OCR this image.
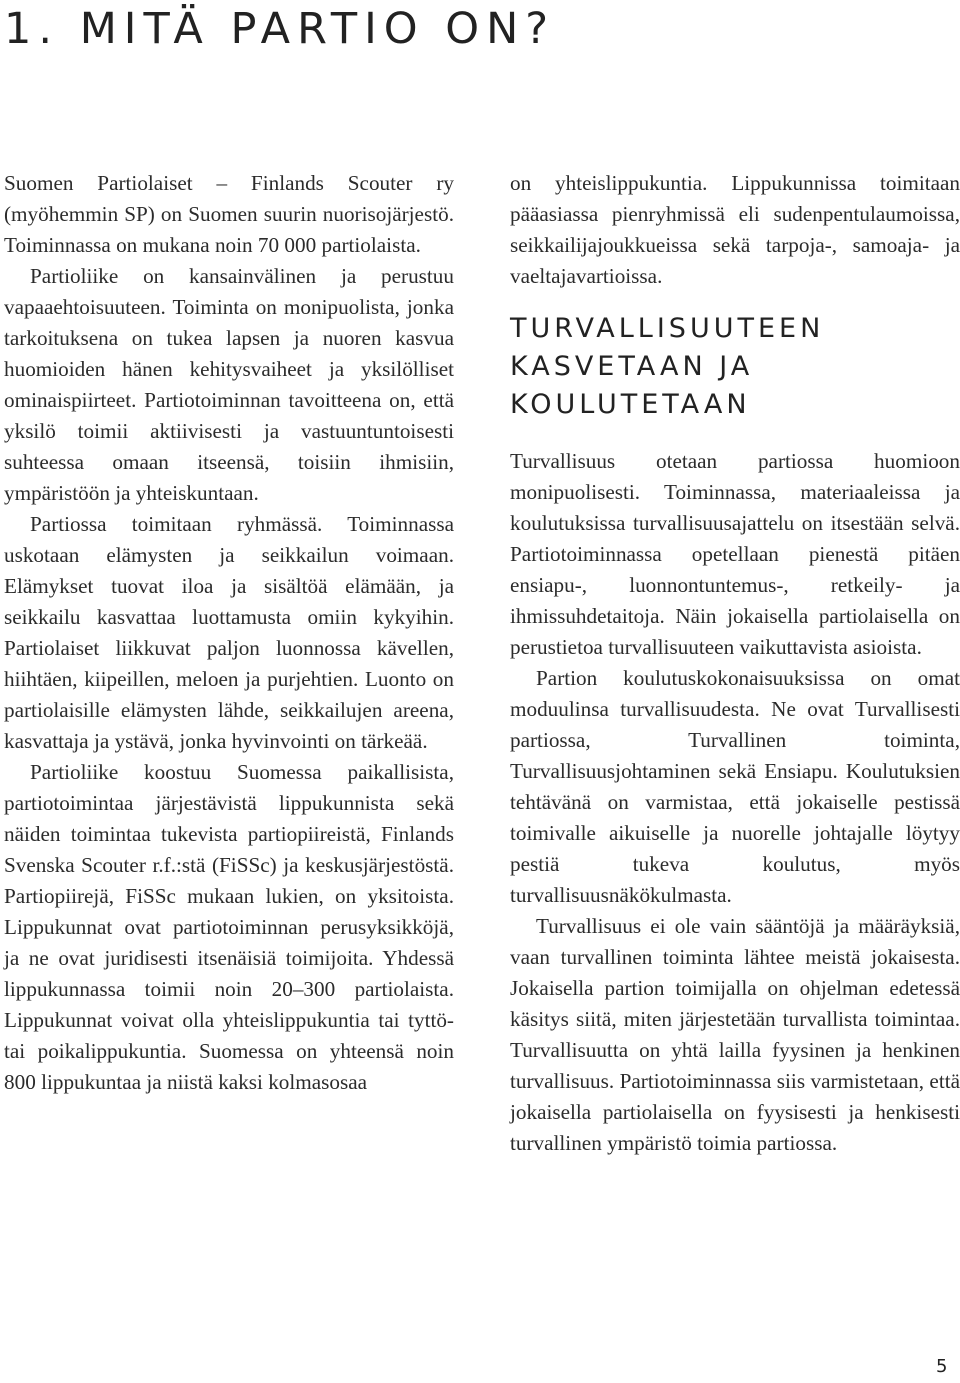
1. MITÄ PARTIO ON?

Suomen Partiolaiset – Finlands Scouter ry (myöhemmin SP) on Suomen suurin nuorisojärjestö. Toiminnassa on mukana noin 70 000 partiolaista.

Partioliike on kansainvälinen ja perustuu vapaaehtoisuuteen. Toiminta on monipuolista, jonka tarkoituksena on tukea lapsen ja nuoren kasvua huomioiden hänen kehitysvaiheet ja yksilölliset ominaispiirteet. Partiotoiminnan tavoitteena on, että yksilö toimii aktiivisesti ja vastuuntuntoisesti suhteessa omaan itseensä, toisiin ihmisiin, ympäristöön ja yhteiskuntaan.

Partiossa toimitaan ryhmässä. Toiminnassa uskotaan elämysten ja seikkailun voimaan. Elämykset tuovat iloa ja sisältöä elämään, ja seikkailu kasvattaa luottamusta omiin kykyihin. Partiolaiset liikkuvat paljon luonnossa kävellen, hiihtäen, kiipeillen, meloen ja purjehtien. Luonto on partiolaisille elämysten lähde, seikkailujen areena, kasvattaja ja ystävä, jonka hyvinvointi on tärkeää.

Partioliike koostuu Suomessa paikallisista, partiotoimintaa järjestävistä lippukunnista sekä näiden toimintaa tukevista partiopiireistä, Finlands Svenska Scouter r.f.:stä (FiSSc) ja keskusjärjestöstä. Partiopiirejä, FiSSc mukaan lukien, on yksitoista. Lippukunnat ovat partiotoiminnan perusyksikköjä, ja ne ovat juridisesti itsenäisiä toimijoita. Yhdessä lippukunnassa toimii noin 20–300 partiolaista. Lippukunnat voivat olla yhteislippukuntia tai tyttö- tai poikalippukuntia. Suomessa on yhteensä noin 800 lippukuntaa ja niistä kaksi kolmasosaa

on yhteislippukuntia. Lippukunnissa toimitaan pääasiassa pienryhmissä eli sudenpentulaumoissa, seikkailijajoukkueissa sekä tarpoja-, samoaja- ja vaeltajavartioissa.

TURVALLISUUTEEN
KASVETAAN JA
KOULUTETAAN

Turvallisuus otetaan partiossa huomioon monipuolisesti. Toiminnassa, materiaaleissa ja koulutuksissa turvallisuusajattelu on itsestään selvä. Partiotoiminnassa opetellaan pienestä pitäen ensiapu-, luonnontuntemus-, retkeily- ja ihmissuhdetaitoja. Näin jokaisella partiolaisella on perustietoa turvallisuuteen vaikuttavista asioista.

Partion koulutuskokonaisuuksissa on omat moduulinsa turvallisuudesta. Ne ovat Turvallisesti partiossa, Turvallinen toiminta, Turvallisuusjohtaminen sekä Ensiapu. Koulutuksien tehtävänä on varmistaa, että jokaiselle pestissä toimivalle aikuiselle ja nuorelle johtajalle löytyy pestiä tukeva koulutus, myös turvallisuusnäkökulmasta.

Turvallisuus ei ole vain sääntöjä ja määräyksiä, vaan turvallinen toiminta lähtee meistä jokaisesta. Jokaisella partion toimijalla on ohjelman edetessä käsitys siitä, miten järjestetään turvallista toimintaa. Turvallisuutta on yhtä lailla fyysinen ja henkinen turvallisuus. Partiotoiminnassa siis varmistetaan, että jokaisella partiolaisella on fyysisesti ja henkisesti turvallinen ympäristö toimia partiossa.

5
